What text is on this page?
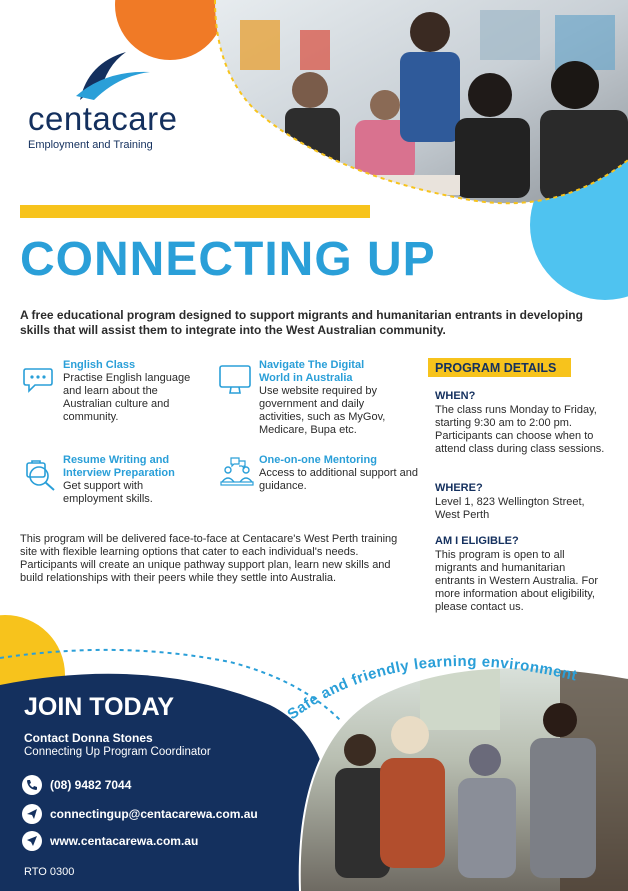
centacare
Employment and Training
CONNECTING UP
A free educational program designed to support migrants and humanitarian entrants in developing skills that will assist them to integrate into the West Australian community.
English Class
Practise English language and learn about the Australian culture and community.
Navigate The Digital World in Australia
Use website required by government and daily activities, such as MyGov, Medicare, Bupa etc.
Resume Writing and Interview Preparation
Get support with employment skills.
One-on-one Mentoring
Access to additional support and guidance.
This program will be delivered face-to-face at Centacare's West Perth training site with flexible learning options that cater to each individual's needs. Participants will create an unique pathway support plan, learn new skills and build relationships with their peers while they settle into Australia.
PROGRAM DETAILS
WHEN?
The class runs Monday to Friday, starting 9:30 am to 2:00 pm. Participants can choose when to attend class during class sessions.
WHERE?
Level 1, 823 Wellington Street, West Perth
AM I ELIGIBLE?
This program is open to all migrants and humanitarian entrants in Western Australia. For more information about eligibility, please contact us.
Safe and friendly learning environment
JOIN TODAY
Contact Donna Stones
Connecting Up Program Coordinator
(08) 9482 7044
connectingup@centacarewa.com.au
www.centacarewa.com.au
RTO 0300
